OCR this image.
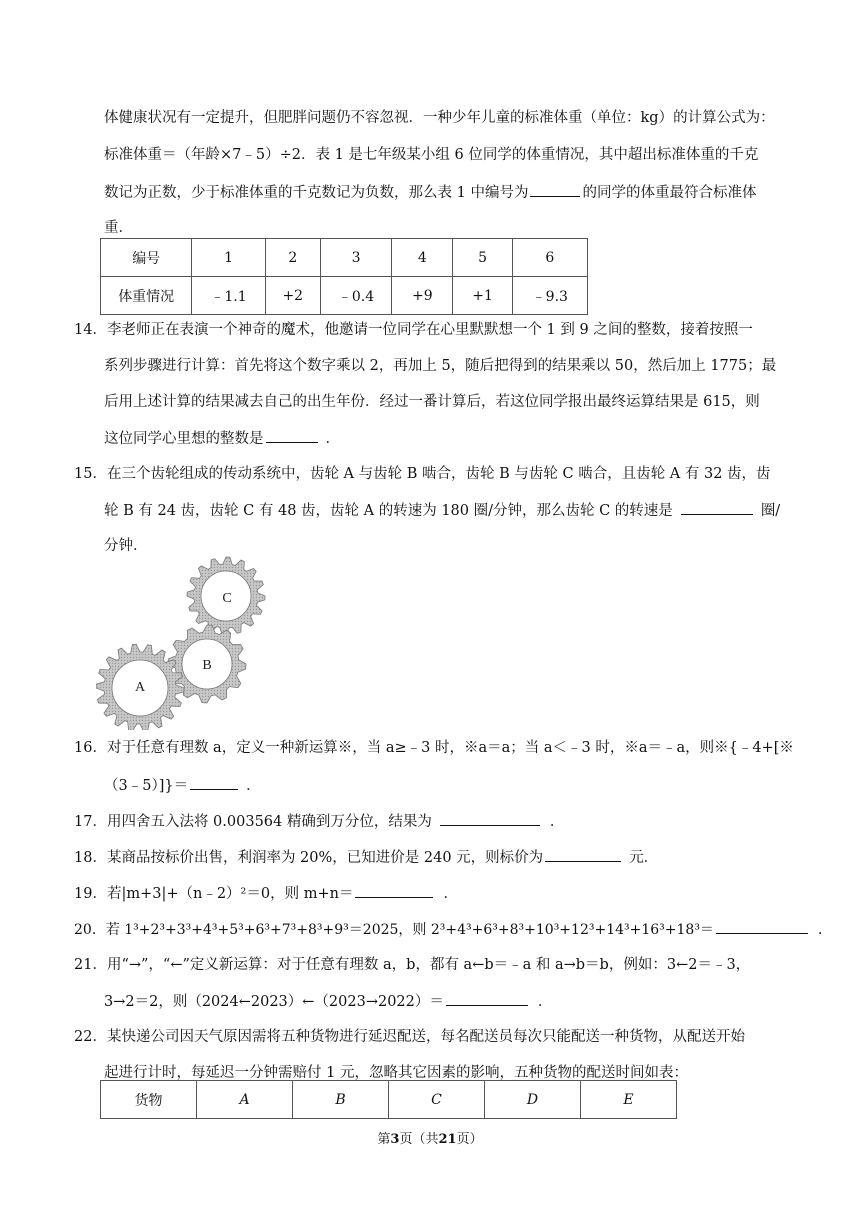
体健康状况有一定提升，但肥胖问题仍不容忽视．一种少年儿童的标准体重（单位：kg）的计算公式为：
标准体重＝（年龄×7﹣5）÷2．表 1 是七年级某小组 6 位同学的体重情况，其中超出标准体重的千克
数记为正数，少于标准体重的千克数记为负数，那么表 1 中编号为	的同学的体重最符合标准体
重．
编号	1	2	3	4	5	6
体重情况	﹣1.1	+2	﹣0.4	+9	+1	﹣9.3
14．李老师正在表演一个神奇的魔术，他邀请一位同学在心里默默想一个 1 到 9 之间的整数，接着按照一
系列步骤进行计算：首先将这个数字乘以 2，再加上 5，随后把得到的结果乘以 50，然后加上 1775；最
后用上述计算的结果减去自己的出生年份．经过一番计算后，若这位同学报出最终运算结果是 615，则
这位同学心里想的整数是	．
15．在三个齿轮组成的传动系统中，齿轮 A 与齿轮 B 啮合，齿轮 B 与齿轮 C 啮合，且齿轮 A 有 32 齿，齿
轮 B 有 24 齿，齿轮 C 有 48 齿，齿轮 A 的转速为 180 圈/分钟，那么齿轮 C 的转速是	圈/
分钟．
C
B
A
16．对于任意有理数 a，定义一种新运算※，当 a≥﹣3 时，※a＝a；当 a＜﹣3 时，※a＝﹣a，则※{﹣4+[※
（3﹣5）]}＝	．
17．用四舍五入法将 0.003564 精确到万分位，结果为	．
18．某商品按标价出售，利润率为 20%，已知进价是 240 元，则标价为	元．
19．若|m+3|+（n﹣2）²＝0，则 m+n＝	．
20．若 1³+2³+3³+4³+5³+6³+7³+8³+9³＝2025，则 2³+4³+6³+8³+10³+12³+14³+16³+18³＝	．
21．用“→”，“←”定义新运算：对于任意有理数 a，b，都有 a←b＝﹣a 和 a→b＝b，例如：3←2＝﹣3，
3→2＝2，则（2024←2023）←（2023→2022）＝	．
22．某快递公司因天气原因需将五种货物进行延迟配送，每名配送员每次只能配送一种货物，从配送开始
起进行计时，每延迟一分钟需赔付 1 元，忽略其它因素的影响，五种货物的配送时间如表：
货物	A	B	C	D	E
第3页（共21页）
